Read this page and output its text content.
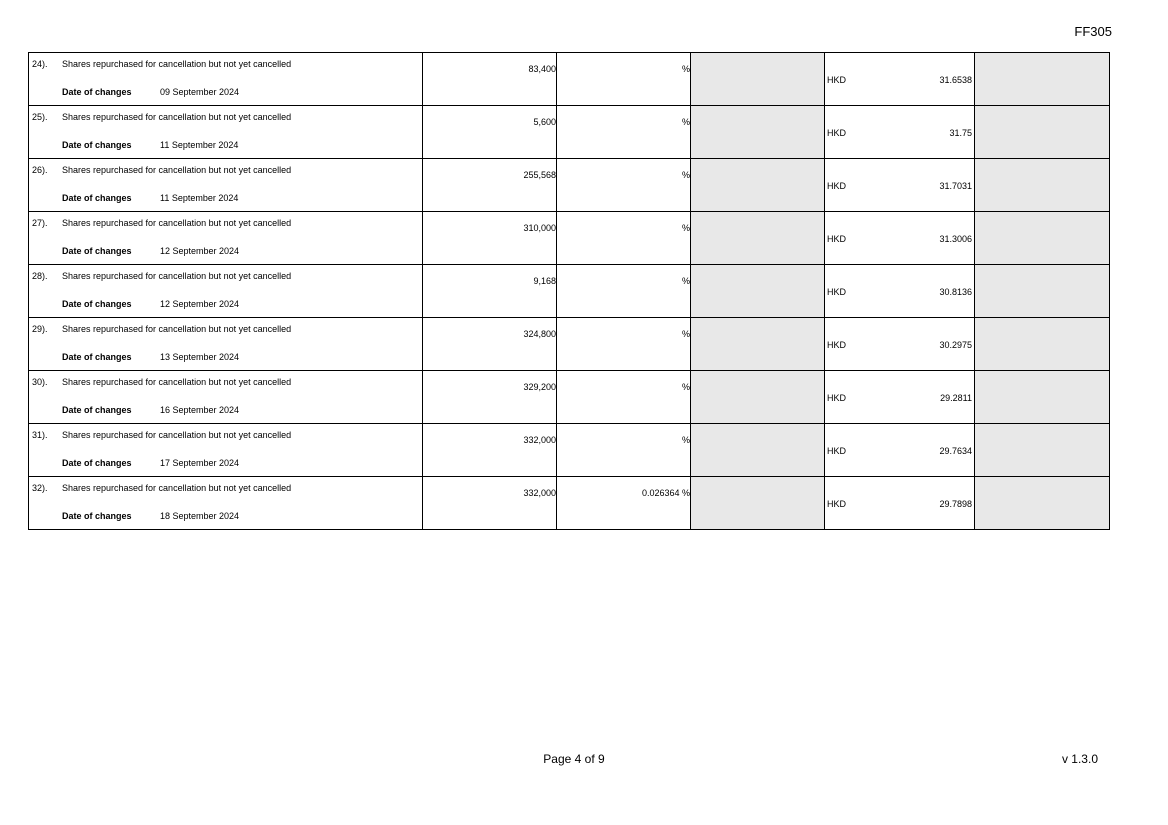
FF305
24). Shares repurchased for cancellation but not yet cancelled
Date of changes 09 September 2024	83,400	%		HKD 31.6538	

25). Shares repurchased for cancellation but not yet cancelled
Date of changes 11 September 2024	5,600	%		HKD 31.75	

26). Shares repurchased for cancellation but not yet cancelled
Date of changes 11 September 2024	255,568	%		HKD 31.7031	

27). Shares repurchased for cancellation but not yet cancelled
Date of changes 12 September 2024	310,000	%		HKD 31.3006	

28). Shares repurchased for cancellation but not yet cancelled
Date of changes 12 September 2024	9,168	%		HKD 30.8136	

29). Shares repurchased for cancellation but not yet cancelled
Date of changes 13 September 2024	324,800	%		HKD 30.2975	

30). Shares repurchased for cancellation but not yet cancelled
Date of changes 16 September 2024	329,200	%		HKD 29.2811	

31). Shares repurchased for cancellation but not yet cancelled
Date of changes 17 September 2024	332,000	%		HKD 29.7634	

32). Shares repurchased for cancellation but not yet cancelled
Date of changes 18 September 2024	332,000	0.026364 %		HKD 29.7898	

Page 4 of 9	v 1.3.0
